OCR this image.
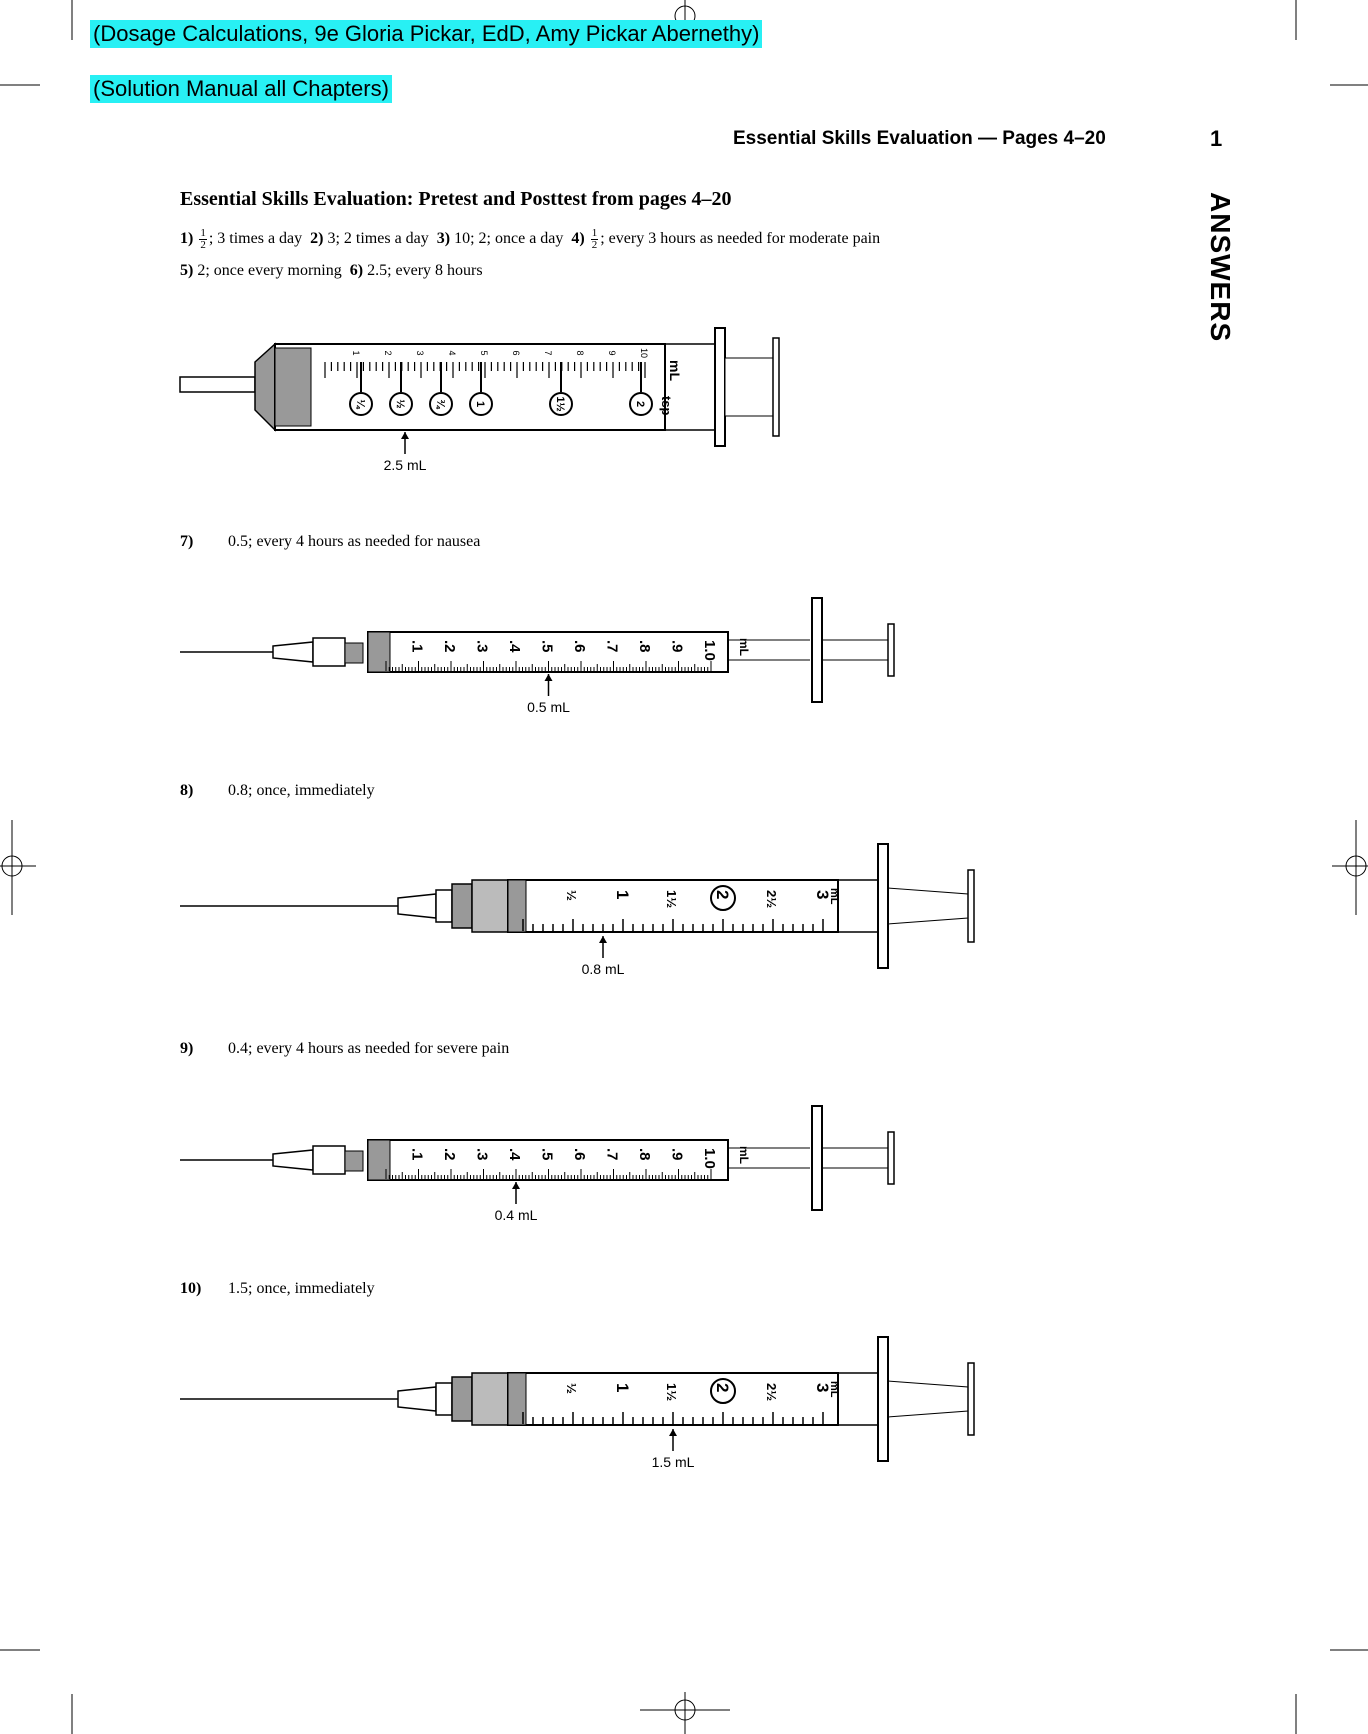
(Dosage Calculations, 9e Gloria Pickar, EdD, Amy Pickar Abernethy)
(Solution Manual all Chapters)
Essential Skills Evaluation — Pages 4–20	1
ANSWERS
Essential Skills Evaluation: Pretest and Posttest from pages 4–20
$1) \frac{1}{2}$ ; 3 times a day 2) 3; 2 times a day 3) 10; 2; once a day $4) \frac{1}{2}$ ; every 3 hours as needed for moderate pain
5) 2; once every morning 6) 2.5; every 8 hours
1 2 3 4 5 6 7 8 9 10
mL
¼	½	¾	1	1½	2 tsp
2.5 mL
7) 0.5; every 4 hours as needed for nausea
.1 .2 .3 .4 .5 .6 .7 .8 .9 1.0 mL
0.5 mL
8) 0.8; once, immediately
½ 1 1½ 2 2½ 3
mL
0.8 mL
9) 0.4; every 4 hours as needed for severe pain
.1 .2 .3 .4 .5 .6 .7 .8 .9 1.0 mL
0.4 mL
10) 1.5; once, immediately
½ 1 1½ 2 2½ 3
mL
1.5 mL
